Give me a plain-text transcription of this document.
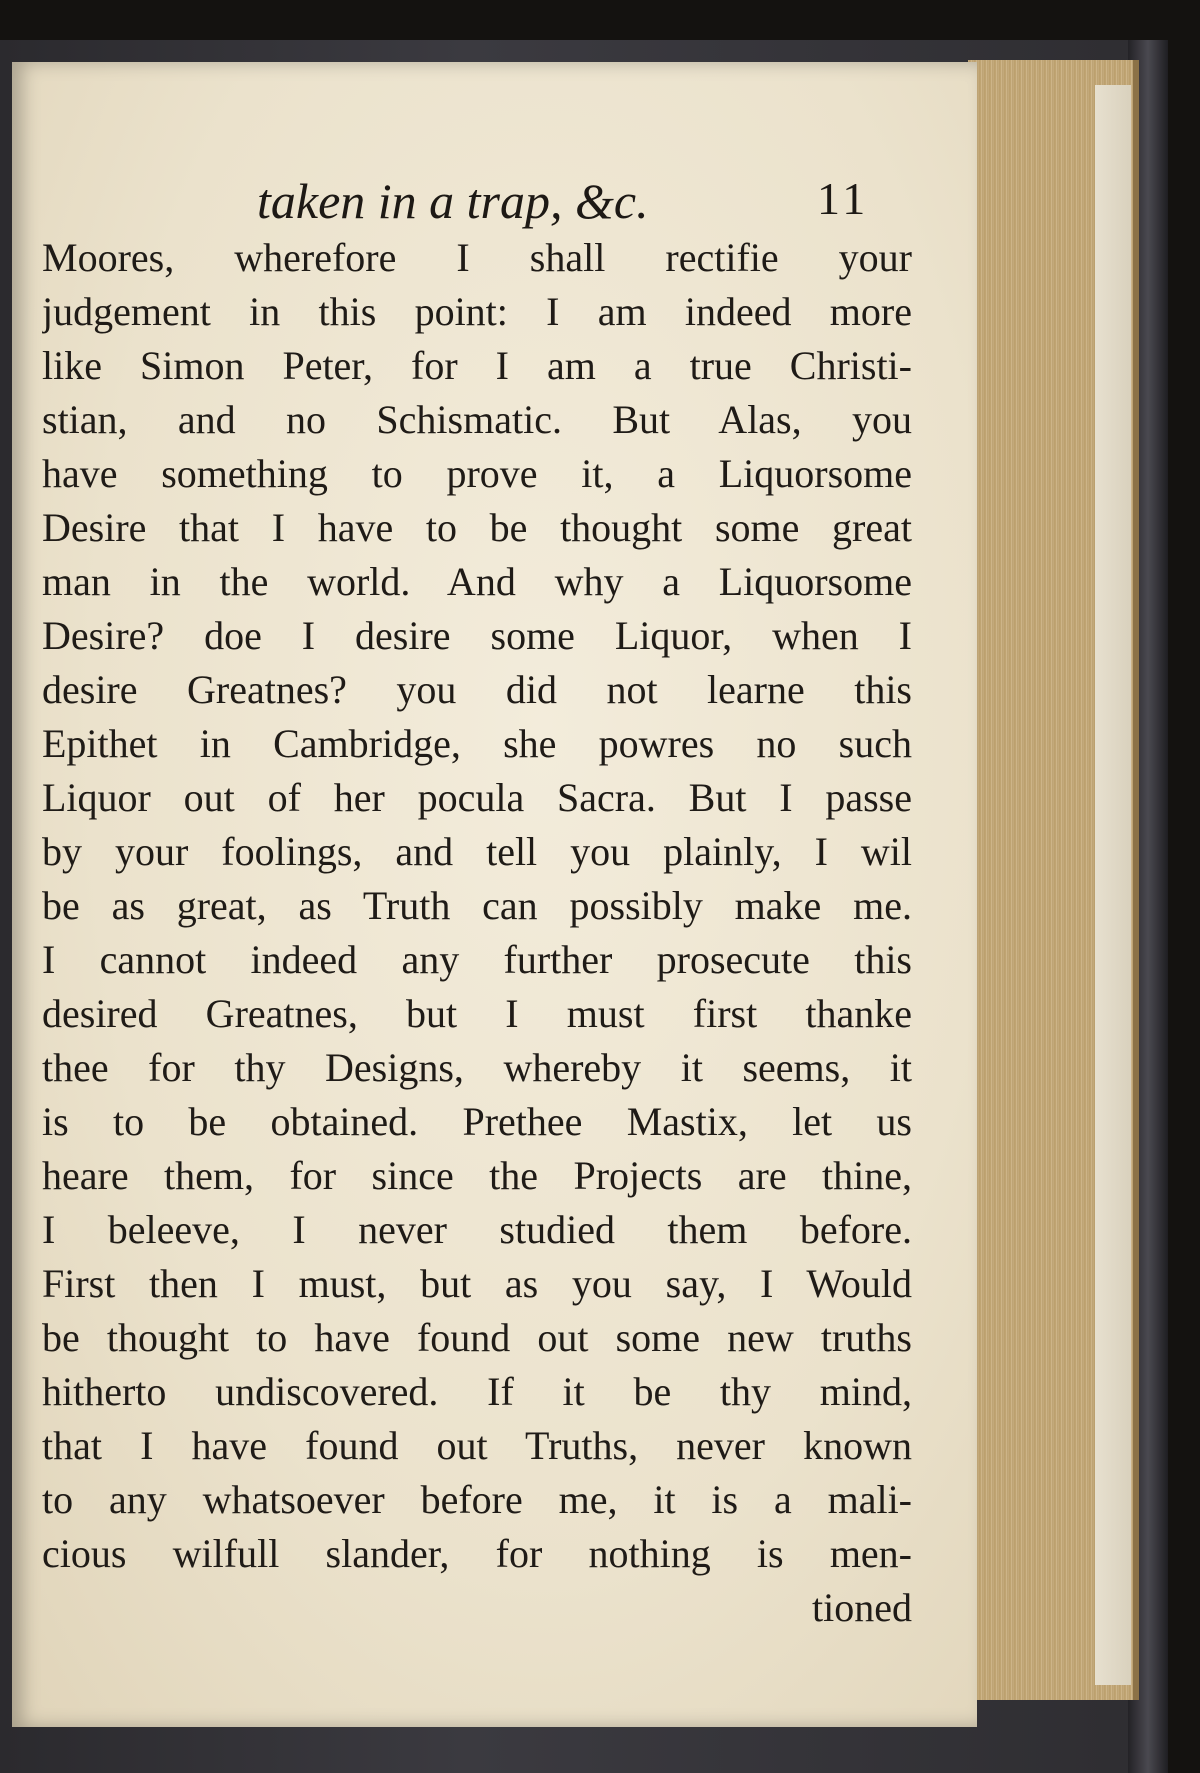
taken in a trap, &c.	11
Moores, wherefore I shall rectifie your
judgement in this point: I am indeed more
like Simon Peter, for I am a true Christi-
stian, and no Schismatic. But Alas, you
have something to prove it, a Liquorsome
Desire that I have to be thought some great
man in the world. And why a Liquorsome
Desire? doe I desire some Liquor, when I
desire Greatnes? you did not learne this
Epithet in Cambridge, she powres no such
Liquor out of her pocula Sacra. But I passe
by your foolings, and tell you plainly, I wil
be as great, as Truth can possibly make me.
I cannot indeed any further prosecute this
desired Greatnes, but I must first thanke
thee for thy Designs, whereby it seems, it
is to be obtained. Prethee Mastix, let us
heare them, for since the Projects are thine,
I beleeve, I never studied them before.
First then I must, but as you say, I Would
be thought to have found out some new truths
hitherto undiscovered. If it be thy mind,
that I have found out Truths, never known
to any whatsoever before me, it is a mali-
cious wilfull slander, for nothing is men-
tioned
